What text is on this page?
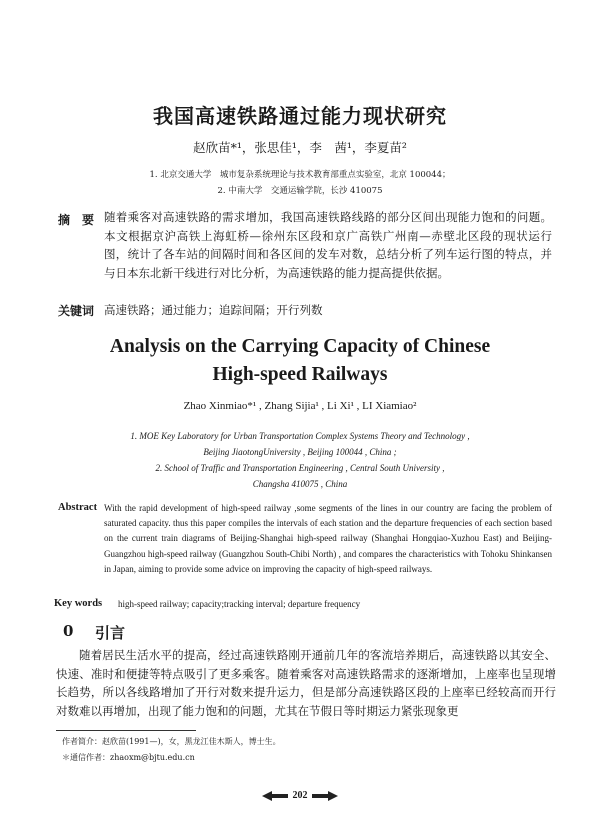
我国高速铁路通过能力现状研究
赵欣苗*¹，张思佳¹，李　茜¹，李夏苗²
1. 北京交通大学　城市复杂系统理论与技术教育部重点实验室，北京 100044；
2. 中南大学　交通运输学院，长沙 410075
摘　要 随着乘客对高速铁路的需求增加，我国高速铁路线路的部分区间出现能力饱和的问题。本文根据京沪高铁上海虹桥—徐州东区段和京广高铁广州南—赤壁北区段的现状运行图，统计了各车站的间隔时间和各区间的发车对数，总结分析了列车运行图的特点，并与日本东北新干线进行对比分析，为高速铁路的能力提高提供依据。
关键词 高速铁路；通过能力；追踪间隔；开行列数
Analysis on the Carrying Capacity of Chinese
High-speed Railways
Zhao Xinmiao*¹ , Zhang Sijia¹ , Li Xi¹ , LI Xiamiao²
1. MOE Key Laboratory for Urban Transportation Complex Systems Theory and Technology ,
Beijing JiaotongUniversity , Beijing 100044 , China ;
2. School of Traffic and Transportation Engineering , Central South University ,
Changsha 410075 , China
Abstract With the rapid development of high-speed railway ,some segments of the lines in our country are facing the problem of saturated capacity. thus this paper compiles the intervals of each station and the departure frequencies of each section based on the current train diagrams of Beijing-Shanghai high-speed railway (Shanghai Hongqiao-Xuzhou East) and Beijing-Guangzhou high-speed railway (Guangzhou South-Chibi North) , and compares the characteristics with Tohoku Shinkansen in Japan, aiming to provide some advice on improving the capacity of high-speed railways.
Key words high-speed railway; capacity;tracking interval; departure frequency
0 引言

随着居民生活水平的提高，经过高速铁路刚开通前几年的客流培养期后，高速铁路以其安全、快速、准时和便捷等特点吸引了更多乘客。随着乘客对高速铁路需求的逐渐增加，上座率也呈现增长趋势，所以各线路增加了开行对数来提升运力，但是部分高速铁路区段的上座率已经较高而开行对数难以再增加，出现了能力饱和的问题，尤其在节假日等时期运力紧张现象更

作者简介：赵欣苗(1991—)，女，黑龙江佳木斯人，博士生。
＊通信作者：zhaoxm@bjtu.edu.cn
202
